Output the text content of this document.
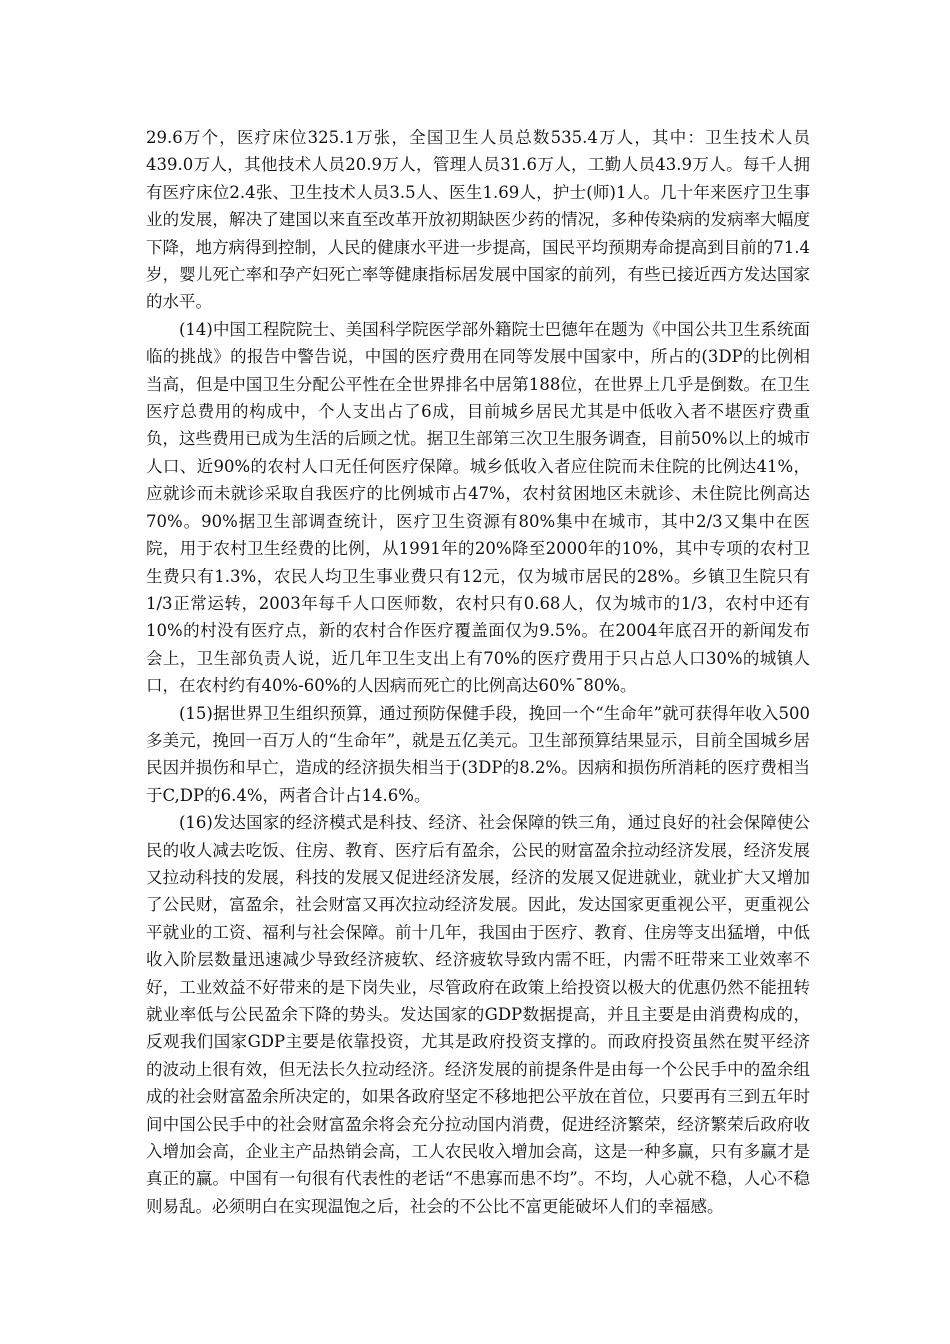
29.6万个，医疗床位325.1万张，全国卫生人员总数535.4万人，其中：卫生技术人员439.0万人，其他技术人员20.9万人，管理人员31.6万人，工勤人员43.9万人。每千人拥有医疗床位2.4张、卫生技术人员3.5人、医生1.69人，护士(师)1人。几十年来医疗卫生事业的发展，解决了建国以来直至改革开放初期缺医少药的情况，多种传染病的发病率大幅度下降，地方病得到控制，人民的健康水平进一步提高，国民平均预期寿命提高到目前的71.4岁，婴儿死亡率和孕产妇死亡率等健康指标居发展中国家的前列，有些已接近西方发达国家的水平。

(14)中国工程院院士、美国科学院医学部外籍院士巴德年在题为《中国公共卫生系统面临的挑战》的报告中警告说，中国的医疗费用在同等发展中国家中，所占的(3DP的比例相当高，但是中国卫生分配公平性在全世界排名中居第188位，在世界上几乎是倒数。在卫生医疗总费用的构成中，个人支出占了6成，目前城乡居民尤其是中低收入者不堪医疗费重负，这些费用已成为生活的后顾之忧。据卫生部第三次卫生服务调查，目前50%以上的城市人口、近90%的农村人口无任何医疗保障。城乡低收入者应住院而未住院的比例达41%，应就诊而未就诊采取自我医疗的比例城市占47%，农村贫困地区未就诊、未住院比例高达70%。90%据卫生部调查统计，医疗卫生资源有80%集中在城市，其中2/3又集中在医院，用于农村卫生经费的比例，从1991年的20%降至2000年的10%，其中专项的农村卫生费只有1.3%，农民人均卫生事业费只有12元，仅为城市居民的28%。乡镇卫生院只有1/3正常运转，2003年每千人口医师数，农村只有0.68人，仅为城市的1/3，农村中还有10%的村没有医疗点，新的农村合作医疗覆盖面仅为9.5%。在2004年底召开的新闻发布会上，卫生部负责人说，近几年卫生支出上有70%的医疗费用于只占总人口30%的城镇人口，在农村约有40%-60%的人因病而死亡的比例高达60%¯80%。

(15)据世界卫生组织预算，通过预防保健手段，挽回一个“生命年”就可获得年收入500多美元，挽回一百万人的“生命年”，就是五亿美元。卫生部预算结果显示，目前全国城乡居民因并损伤和早亡，造成的经济损失相当于(3DP的8.2%。因病和损伤所消耗的医疗费相当于C,DP的6.4%，两者合计占14.6%。

(16)发达国家的经济模式是科技、经济、社会保障的铁三角，通过良好的社会保障使公民的收人减去吃饭、住房、教育、医疗后有盈余，公民的财富盈余拉动经济发展，经济发展又拉动科技的发展，科技的发展又促进经济发展，经济的发展又促进就业，就业扩大又增加了公民财，富盈余，社会财富又再次拉动经济发展。因此，发达国家更重视公平，更重视公平就业的工资、福利与社会保障。前十几年，我国由于医疗、教育、住房等支出猛增，中低收入阶层数量迅速减少导致经济疲软、经济疲软导致内需不旺，内需不旺带来工业效率不好，工业效益不好带来的是下岗失业，尽管政府在政策上给投资以极大的优惠仍然不能扭转就业率低与公民盈余下降的势头。发达国家的GDP数据提高，并且主要是由消费构成的，反观我们国家GDP主要是依靠投资，尤其是政府投资支撑的。而政府投资虽然在熨平经济的波动上很有效，但无法长久拉动经济。经济发展的前提条件是由每一个公民手中的盈余组成的社会财富盈余所决定的，如果各政府坚定不移地把公平放在首位，只要再有三到五年时间中国公民手中的社会财富盈余将会充分拉动国内消费，促进经济繁荣，经济繁荣后政府收入增加会高，企业主产品热销会高，工人农民收入增加会高，这是一种多赢，只有多赢才是真正的赢。中国有一句很有代表性的老话“不患寡而患不均”。不均，人心就不稳，人心不稳则易乱。必须明白在实现温饱之后，社会的不公比不富更能破坏人们的幸福感。
